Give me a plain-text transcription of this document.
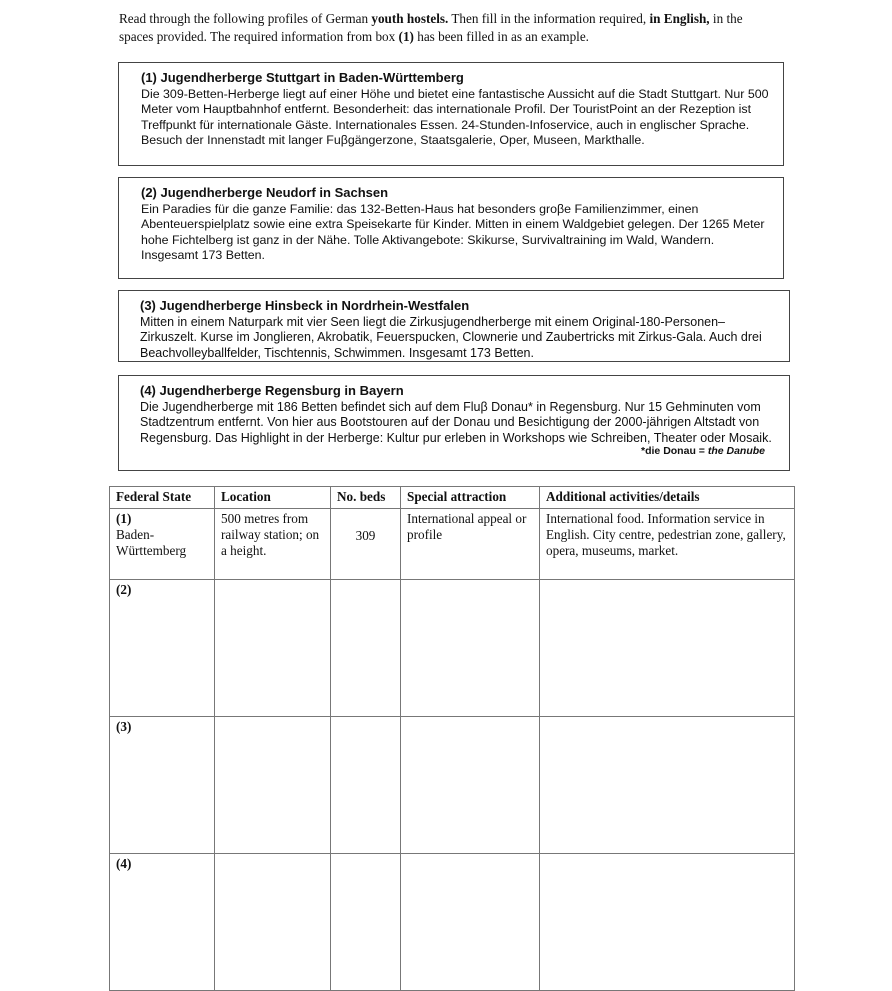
Read through the following profiles of German youth hostels. Then fill in the information required, in English, in the spaces provided. The required information from box (1) has been filled in as an example.
(1) Jugendherberge Stuttgart in Baden-Württemberg
Die 309-Betten-Herberge liegt auf einer Höhe und bietet eine fantastische Aussicht auf die Stadt Stuttgart. Nur 500 Meter vom Hauptbahnhof entfernt. Besonderheit: das internationale Profil. Der TouristPoint an der Rezeption ist Treffpunkt für internationale Gäste. Internationales Essen. 24-Stunden-Infoservice, auch in englischer Sprache. Besuch der Innenstadt mit langer Fuβgängerzone, Staatsgalerie, Oper, Museen, Markthalle.
(2) Jugendherberge Neudorf in Sachsen
Ein Paradies für die ganze Familie: das 132-Betten-Haus hat besonders groβe Familienzimmer, einen Abenteuerspielplatz sowie eine extra Speisekarte für Kinder. Mitten in einem Waldgebiet gelegen. Der 1265 Meter hohe Fichtelberg ist ganz in der Nähe. Tolle Aktivangebote: Skikurse, Survivaltraining im Wald, Wandern. Insgesamt 173 Betten.
(3) Jugendherberge Hinsbeck in Nordrhein-Westfalen
Mitten in einem Naturpark mit vier Seen liegt die Zirkusjugendherberge mit einem Original-180-Personen–Zirkuszelt. Kurse im Jonglieren, Akrobatik, Feuerspucken, Clownerie und Zaubertricks mit Zirkus-Gala. Auch drei Beachvolleyballfelder, Tischtennis, Schwimmen. Insgesamt 173 Betten.
(4) Jugendherberge Regensburg in Bayern
Die Jugendherberge mit 186 Betten befindet sich auf dem Fluβ Donau* in Regensburg. Nur 15 Gehminuten vom Stadtzentrum entfernt. Von hier aus Bootstouren auf der Donau und Besichtigung der 2000-jährigen Altstadt von Regensburg. Das Highlight in der Herberge: Kultur pur erleben in Workshops wie Schreiben, Theater oder Mosaik.
*die Donau = the Danube
Federal State	Location	No. beds	Special attraction	Additional activities/details
(1)
Baden-Württemberg	500 metres from railway station; on a height.	309	International appeal or profile	International food. Information service in English. City centre, pedestrian zone, gallery, opera, museums, market.
(2)				
(3)				
(4)				
